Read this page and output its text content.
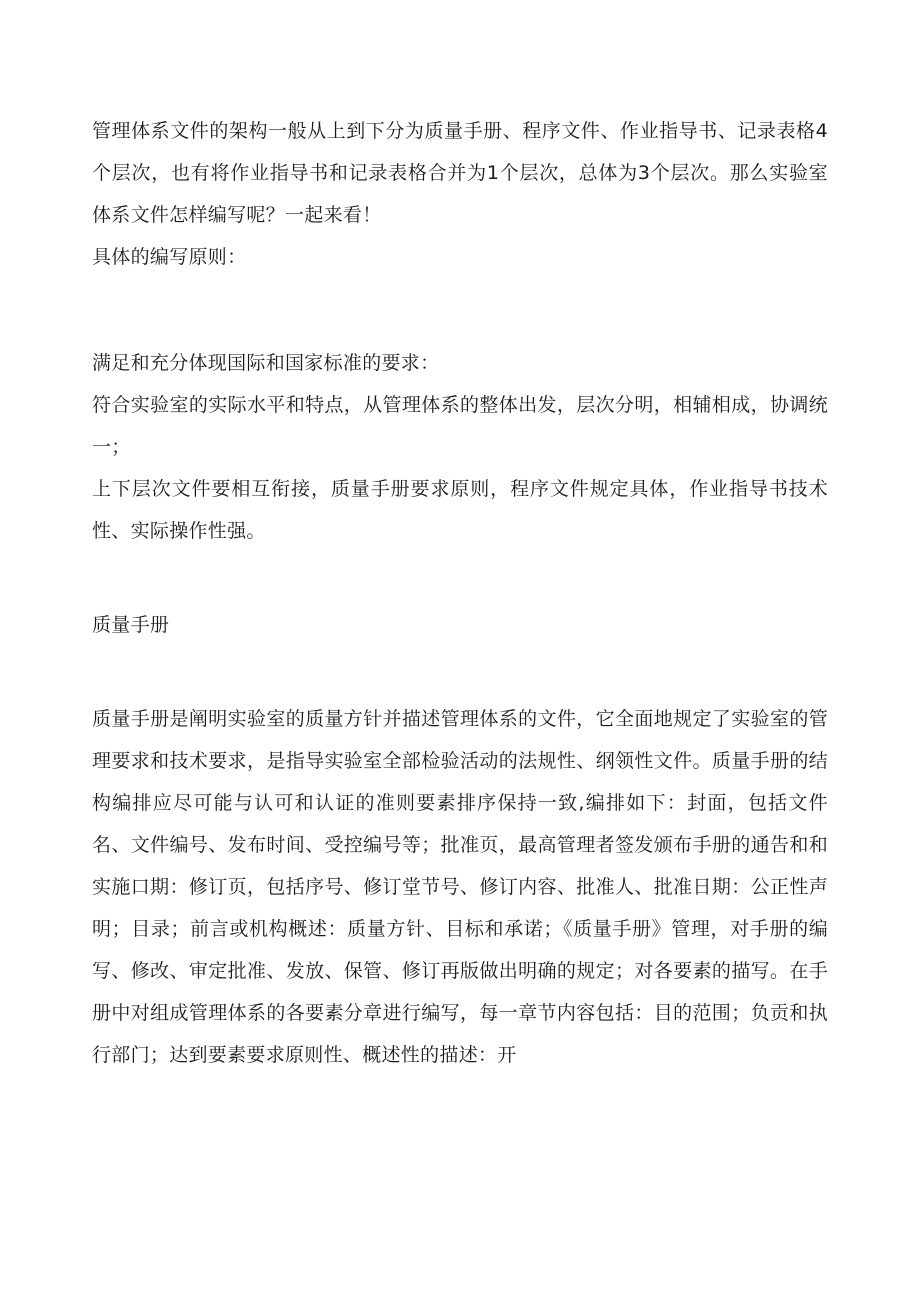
管理体系文件的架构一般从上到下分为质量手册、程序文件、作业指导书、记录表格4个层次，也有将作业指导书和记录表格合并为1个层次，总体为3个层次。那么实验室体系文件怎样编写呢？一起来看！

具体的编写原则：

满足和充分体现国际和国家标准的要求：

符合实验室的实际水平和特点，从管理体系的整体出发，层次分明，相辅相成，协调统一；

上下层次文件要相互衔接，质量手册要求原则，程序文件规定具体，作业指导书技术性、实际操作性强。

质量手册

质量手册是阐明实验室的质量方针并描述管理体系的文件，它全面地规定了实验室的管理要求和技术要求，是指导实验室全部检验活动的法规性、纲领性文件。质量手册的结构编排应尽可能与认可和认证的准则要素排序保持一致,编排如下：封面，包括文件名、文件编号、发布时间、受控编号等；批准页，最高管理者签发颁布手册的通告和和实施口期：修订页，包括序号、修订堂节号、修订内容、批准人、批准日期：公正性声明；目录；前言或机构概述：质量方针、目标和承诺；《质量手册》管理，对手册的编写、修改、审定批准、发放、保管、修订再版做出明确的规定；对各要素的描写。在手册中对组成管理体系的各要素分章进行编写，每一章节内容包括：目的范围；负贡和执行部门；达到要素要求原则性、概述性的描述：开
